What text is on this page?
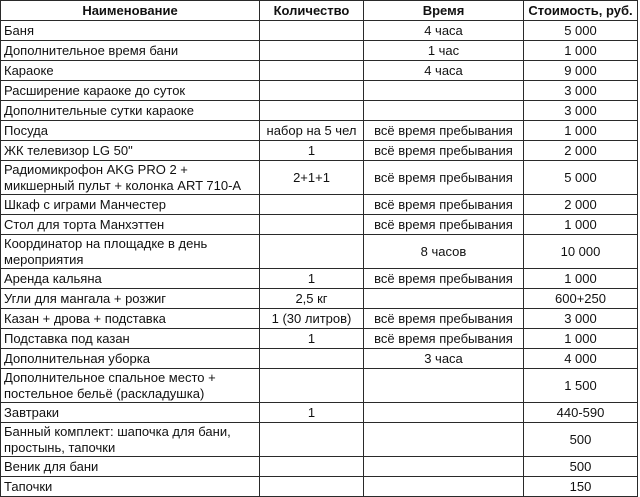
Наименование	Количество	Время	Стоимость, руб.
Баня		4 часа	5 000
Дополнительное время бани		1 час	1 000
Караоке		4 часа	9 000
Расширение караоке до суток			3 000
Дополнительные сутки караоке			3 000
Посуда	набор на 5 чел	всё время пребывания	1 000
ЖК телевизор LG 50"	1	всё время пребывания	2 000
Радиомикрофон AKG PRO 2 + микшерный пульт + колонка ART 710-A	2+1+1	всё время пребывания	5 000
Шкаф с играми Манчестер		всё время пребывания	2 000
Стол для торта Манхэттен		всё время пребывания	1 000
Координатор на площадке в день мероприятия		8 часов	10 000
Аренда кальяна	1	всё время пребывания	1 000
Угли для мангала + розжиг	2,5 кг		600+250
Казан + дрова + подставка	1 (30 литров)	всё время пребывания	3 000
Подставка под казан	1	всё время пребывания	1 000
Дополнительная уборка		3 часа	4 000
Дополнительное спальное место + постельное бельё (раскладушка)			1 500
Завтраки	1		440-590
Банный комплект: шапочка для бани, простынь, тапочки			500
Веник для бани			500
Тапочки			150
